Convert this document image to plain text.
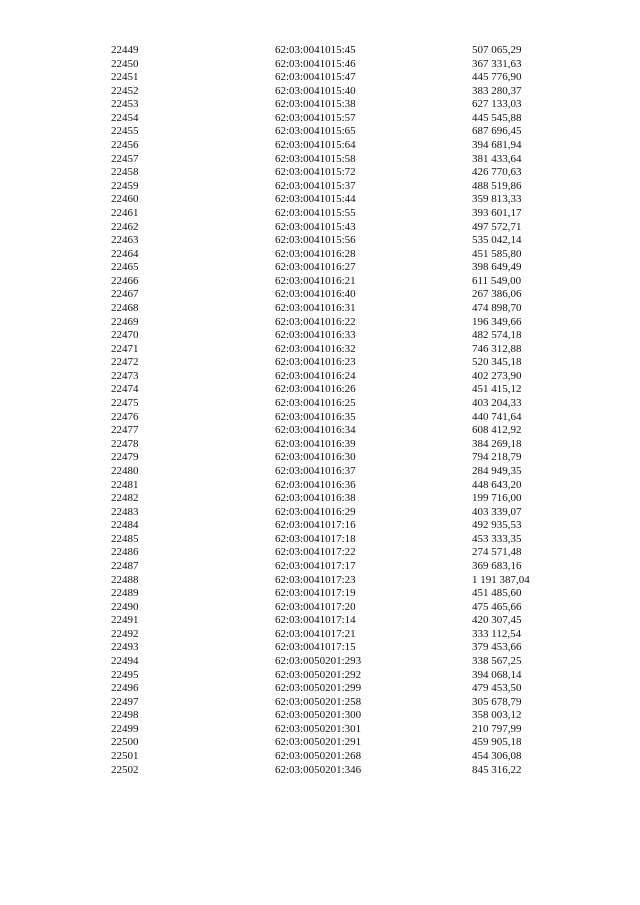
22449	62:03:0041015:45	507 065,29
22450	62:03:0041015:46	367 331,63
22451	62:03:0041015:47	445 776,90
22452	62:03:0041015:40	383 280,37
22453	62:03:0041015:38	627 133,03
22454	62:03:0041015:57	445 545,88
22455	62:03:0041015:65	687 696,45
22456	62:03:0041015:64	394 681,94
22457	62:03:0041015:58	381 433,64
22458	62:03:0041015:72	426 770,63
22459	62:03:0041015:37	488 519,86
22460	62:03:0041015:44	359 813,33
22461	62:03:0041015:55	393 601,17
22462	62:03:0041015:43	497 572,71
22463	62:03:0041015:56	535 042,14
22464	62:03:0041016:28	451 585,80
22465	62:03:0041016:27	398 649,49
22466	62:03:0041016:21	611 549,00
22467	62:03:0041016:40	267 386,06
22468	62:03:0041016:31	474 898,70
22469	62:03:0041016:22	196 349,66
22470	62:03:0041016:33	482 574,18
22471	62:03:0041016:32	746 312,88
22472	62:03:0041016:23	520 345,18
22473	62:03:0041016:24	402 273,90
22474	62:03:0041016:26	451 415,12
22475	62:03:0041016:25	403 204,33
22476	62:03:0041016:35	440 741,64
22477	62:03:0041016:34	608 412,92
22478	62:03:0041016:39	384 269,18
22479	62:03:0041016:30	794 218,79
22480	62:03:0041016:37	284 949,35
22481	62:03:0041016:36	448 643,20
22482	62:03:0041016:38	199 716,00
22483	62:03:0041016:29	403 339,07
22484	62:03:0041017:16	492 935,53
22485	62:03:0041017:18	453 333,35
22486	62:03:0041017:22	274 571,48
22487	62:03:0041017:17	369 683,16
22488	62:03:0041017:23	1 191 387,04
22489	62:03:0041017:19	451 485,60
22490	62:03:0041017:20	475 465,66
22491	62:03:0041017:14	420 307,45
22492	62:03:0041017:21	333 112,54
22493	62:03:0041017:15	379 453,66
22494	62:03:0050201:293	338 567,25
22495	62:03:0050201:292	394 068,14
22496	62:03:0050201:299	479 453,50
22497	62:03:0050201:258	305 678,79
22498	62:03:0050201:300	358 003,12
22499	62:03:0050201:301	210 797,99
22500	62:03:0050201:291	459 905,18
22501	62:03:0050201:268	454 306,08
22502	62:03:0050201:346	845 316,22
